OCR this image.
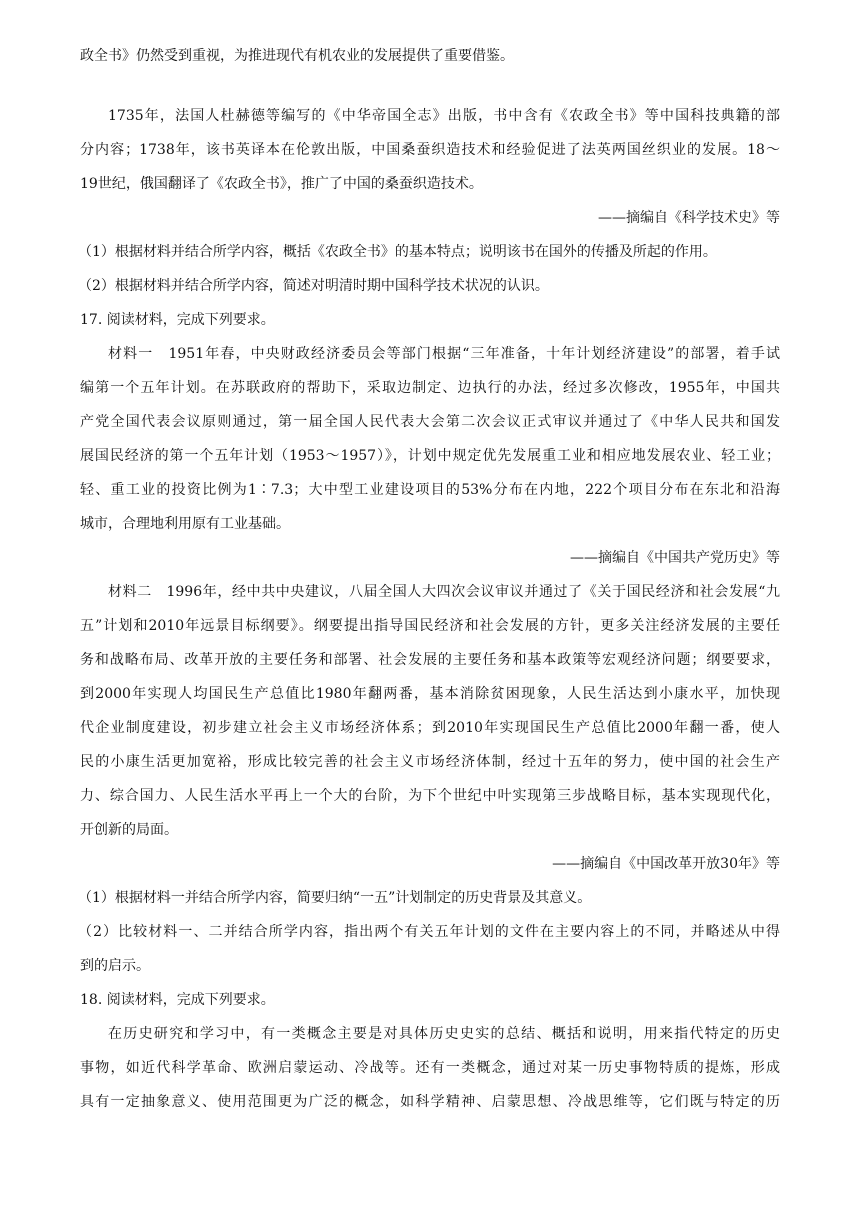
政全书》仍然受到重视，为推进现代有机农业的发展提供了重要借鉴。
1735年，法国人杜赫德等编写的《中华帝国全志》出版，书中含有《农政全书》等中国科技典籍的部
分内容；1738年，该书英译本在伦敦出版，中国桑蚕织造技术和经验促进了法英两国丝织业的发展。18～
19世纪，俄国翻译了《农政全书》，推广了中国的桑蚕织造技术。
——摘编自《科学技术史》等
（1）根据材料并结合所学内容，概括《农政全书》的基本特点；说明该书在国外的传播及所起的作用。
（2）根据材料并结合所学内容，简述对明清时期中国科学技术状况的认识。
17. 阅读材料，完成下列要求。
材料一　1951年春，中央财政经济委员会等部门根据“三年准备，十年计划经济建设”的部署，着手试
编第一个五年计划。在苏联政府的帮助下，采取边制定、边执行的办法，经过多次修改，1955年，中国共
产党全国代表会议原则通过，第一届全国人民代表大会第二次会议正式审议并通过了《中华人民共和国发
展国民经济的第一个五年计划（1953～1957）》，计划中规定优先发展重工业和相应地发展农业、轻工业；
轻、重工业的投资比例为1∶7.3；大中型工业建设项目的53%分布在内地，222个项目分布在东北和沿海
城市，合理地利用原有工业基础。
——摘编自《中国共产党历史》等
材料二　1996年，经中共中央建议，八届全国人大四次会议审议并通过了《关于国民经济和社会发展“九
五”计划和2010年远景目标纲要》。纲要提出指导国民经济和社会发展的方针，更多关注经济发展的主要任
务和战略布局、改革开放的主要任务和部署、社会发展的主要任务和基本政策等宏观经济问题；纲要要求，
到2000年实现人均国民生产总值比1980年翻两番，基本消除贫困现象，人民生活达到小康水平，加快现
代企业制度建设，初步建立社会主义市场经济体系；到2010年实现国民生产总值比2000年翻一番，使人
民的小康生活更加宽裕，形成比较完善的社会主义市场经济体制，经过十五年的努力，使中国的社会生产
力、综合国力、人民生活水平再上一个大的台阶，为下个世纪中叶实现第三步战略目标，基本实现现代化，
开创新的局面。
——摘编自《中国改革开放30年》等
（1）根据材料一并结合所学内容，简要归纳“一五”计划制定的历史背景及其意义。
（2）比较材料一、二并结合所学内容，指出两个有关五年计划的文件在主要内容上的不同，并略述从中得
到的启示。
18. 阅读材料，完成下列要求。
在历史研究和学习中，有一类概念主要是对具体历史史实的总结、概括和说明，用来指代特定的历史
事物，如近代科学革命、欧洲启蒙运动、冷战等。还有一类概念，通过对某一历史事物特质的提炼，形成
具有一定抽象意义、使用范围更为广泛的概念，如科学精神、启蒙思想、冷战思维等，它们既与特定的历
